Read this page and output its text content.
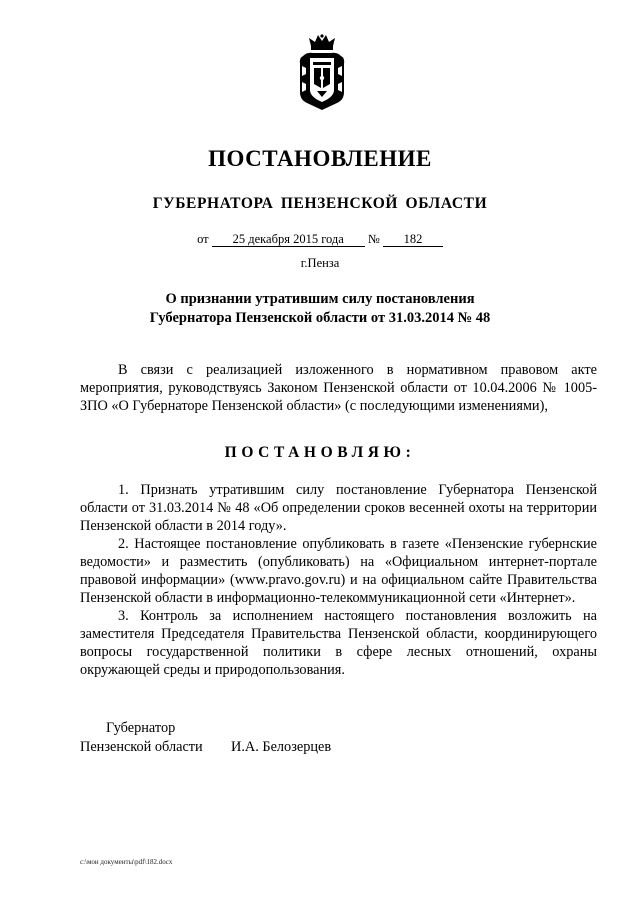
ПОСТАНОВЛЕНИЕ
ГУБЕРНАТОРА ПЕНЗЕНСКОЙ ОБЛАСТИ
от 25 декабря 2015 года № 182
г.Пенза
О признании утратившим силу постановления
Губернатора Пензенской области от 31.03.2014 № 48
В связи с реализацией изложенного в нормативном правовом акте мероприятия, руководствуясь Законом Пензенской области от 10.04.2006 № 1005-ЗПО «О Губернаторе Пензенской области» (с последующими изменениями),
ПОСТАНОВЛЯЮ:

1. Признать утратившим силу постановление Губернатора Пензенской области от 31.03.2014 № 48 «Об определении сроков весенней охоты на территории Пензенской области в 2014 году».

2. Настоящее постановление опубликовать в газете «Пензенские губернские ведомости» и разместить (опубликовать) на «Официальном интернет-портале правовой информации» (www.pravo.gov.ru) и на официальном сайте Правительства Пензенской области в информационно-телекоммуникационной сети «Интернет».

3. Контроль за исполнением настоящего постановления возложить на заместителя Председателя Правительства Пензенской области, координирующего вопросы государственной политики в сфере лесных отношений, охраны окружающей среды и природопользования.

Губернатор
Пензенской области И.А. Белозерцев
c:\мои документы\pdf\182.docx
